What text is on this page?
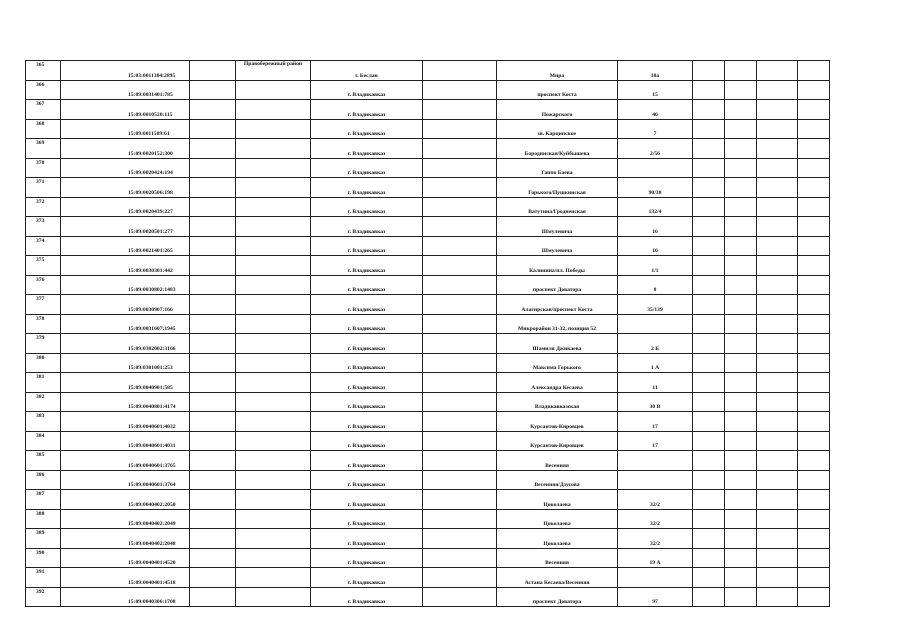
365	15:03:0011304:2895		Правобережный район	г. Беслан		Мира	10а				
366	15:09:0031401:785			г. Владикавказ		проспект Коста	15				
367	15:09:0010520:115			г. Владикавказ		Пожарского	46				
368	15:09:0011509:61			г. Владикавказ		ш. Карцинское	7				
369	15:09:0020152:300			г. Владикавказ		Бородинская/Куйбышева	2/56				
370	15:09:0020424:194			г. Владикавказ		Гаппо Баева					
371	15:09:0020506:198			г. Владикавказ		Горького/Пушкинская	90/38				
372	15:09:0020439:227			г. Владикавказ		Ватутина/Гродненская	132/4				
373	15:09:0020501:277			г. Владикавказ		Шмулевича	16				
374	15:09:0021401:265			г. Владикавказ		Шмулевича	16				
375	15:09:0030301:442			г. Владикавказ		Калинина/пл. Победы	1/1				
376	15:09:0030802:1483			г. Владикавказ		проспект Доватора	8				
377	15:09:0030907:166			г. Владикавказ		Алагирская/проспект Коста	35/139				
378	15:09:0031607:1945			г. Владикавказ		Микрорайон 31-32, позиция 52					
379	15:09:0302002:3166			г. Владикавказ		Шамиля Джикаева	2 Б				
380	15:09:0301001:253			г. Владикавказ		Максима Горького	1 А				
381	15:09:0040901:585			г. Владикавказ		Александра Кесаева	11				
382	15:09:0040801:4174			г. Владикавказ		Владикавказская	30 В				
383	15:09:0040601:4032			г. Владикавказ		Курсантов-Кировцев	17				
384	15:09:0040601:4031			г. Владикавказ		Курсантов-Кировцев	17				
385	15:09:0040601:3765			г. Владикавказ		Весенняя					
386	15:09:0040601:3764			г. Владикавказ		Весенняя/Дзусова					
387	15:09:0040402:2050			г. Владикавказ		Цоколаева	32/2				
388	15:09:0040402:2049			г. Владикавказ		Цоколаева	32/2				
389	15:09:0040402:2048			г. Владикавказ		Цоколаева	32/2				
390	15:09:0040401:4520			г. Владикавказ		Весенняя	19 А				
391	15:09:0040401:4518			г. Владикавказ		Астана Кесаева/Весенняя					
392	15:09:0040306:1708			г. Владикавказ		проспект Доватора	97				
